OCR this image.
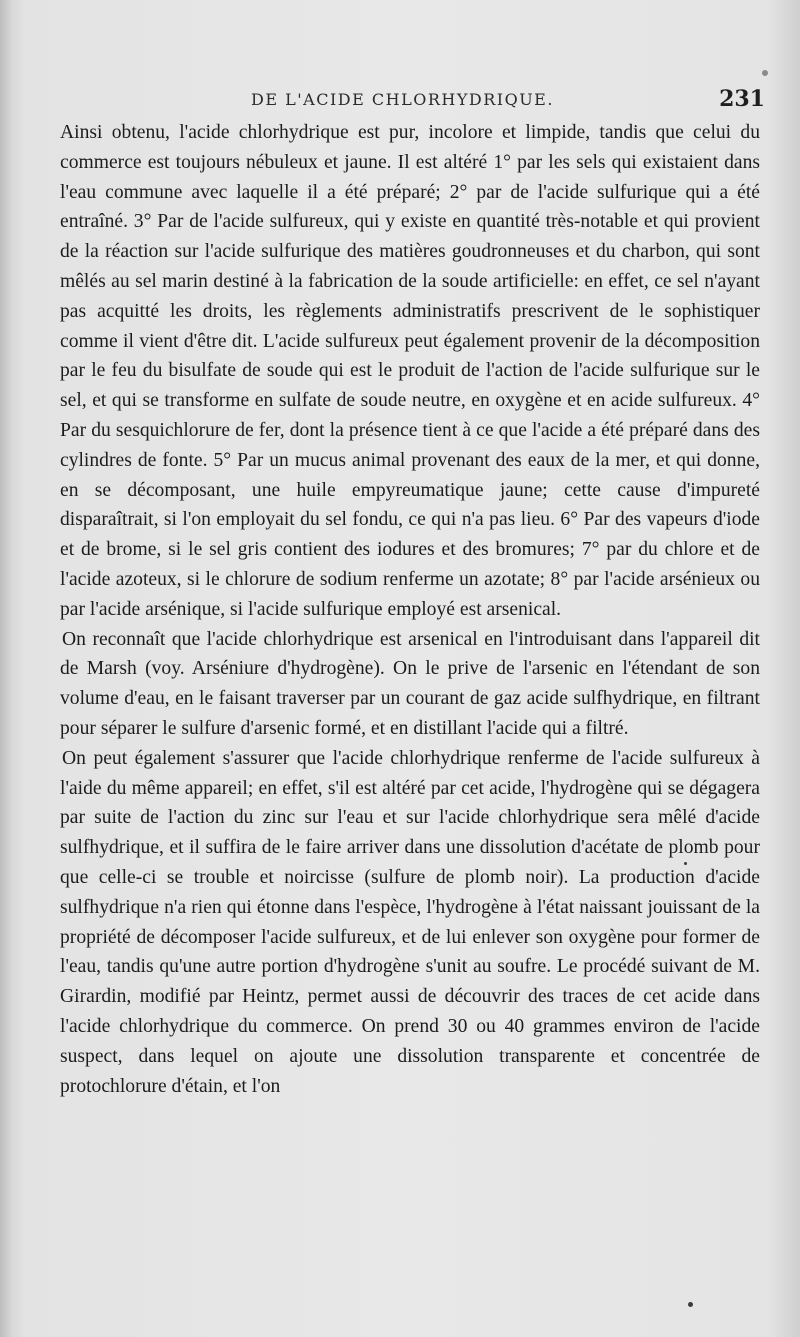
DE L'ACIDE CHLORHYDRIQUE.	231

Ainsi obtenu, l'acide chlorhydrique est pur, incolore et limpide, tandis que celui du commerce est toujours nébuleux et jaune. Il est altéré 1° par les sels qui existaient dans l'eau commune avec laquelle il a été préparé; 2° par de l'acide sulfurique qui a été entraîné. 3° Par de l'acide sulfureux, qui y existe en quantité très-notable et qui provient de la réaction sur l'acide sulfurique des matières goudronneuses et du charbon, qui sont mêlés au sel marin destiné à la fabrication de la soude artificielle: en effet, ce sel n'ayant pas acquitté les droits, les règlements administratifs prescrivent de le sophistiquer comme il vient d'être dit. L'acide sulfureux peut également provenir de la décomposition par le feu du bisulfate de soude qui est le produit de l'action de l'acide sulfurique sur le sel, et qui se transforme en sulfate de soude neutre, en oxygène et en acide sulfureux. 4° Par du sesquichlorure de fer, dont la présence tient à ce que l'acide a été préparé dans des cylindres de fonte. 5° Par un mucus animal provenant des eaux de la mer, et qui donne, en se décomposant, une huile empyreumatique jaune; cette cause d'impureté disparaîtrait, si l'on employait du sel fondu, ce qui n'a pas lieu. 6° Par des vapeurs d'iode et de brome, si le sel gris contient des iodures et des bromures; 7° par du chlore et de l'acide azoteux, si le chlorure de sodium renferme un azotate; 8° par l'acide arsénieux ou par l'acide arsénique, si l'acide sulfurique employé est arsenical.

On reconnaît que l'acide chlorhydrique est arsenical en l'introduisant dans l'appareil dit de Marsh (voy. Arséniure d'hydrogène). On le prive de l'arsenic en l'étendant de son volume d'eau, en le faisant traverser par un courant de gaz acide sulfhydrique, en filtrant pour séparer le sulfure d'arsenic formé, et en distillant l'acide qui a filtré.

On peut également s'assurer que l'acide chlorhydrique renferme de l'acide sulfureux à l'aide du même appareil; en effet, s'il est altéré par cet acide, l'hydrogène qui se dégagera par suite de l'action du zinc sur l'eau et sur l'acide chlorhydrique sera mêlé d'acide sulfhydrique, et il suffira de le faire arriver dans une dissolution d'acétate de plomb pour que celle-ci se trouble et noircisse (sulfure de plomb noir). La production d'acide sulfhydrique n'a rien qui étonne dans l'espèce, l'hydrogène à l'état naissant jouissant de la propriété de décomposer l'acide sulfureux, et de lui enlever son oxygène pour former de l'eau, tandis qu'une autre portion d'hydrogène s'unit au soufre. Le procédé suivant de M. Girardin, modifié par Heintz, permet aussi de découvrir des traces de cet acide dans l'acide chlorhydrique du commerce. On prend 30 ou 40 grammes environ de l'acide suspect, dans lequel on ajoute une dissolution transparente et concentrée de protochlorure d'étain, et l'on
